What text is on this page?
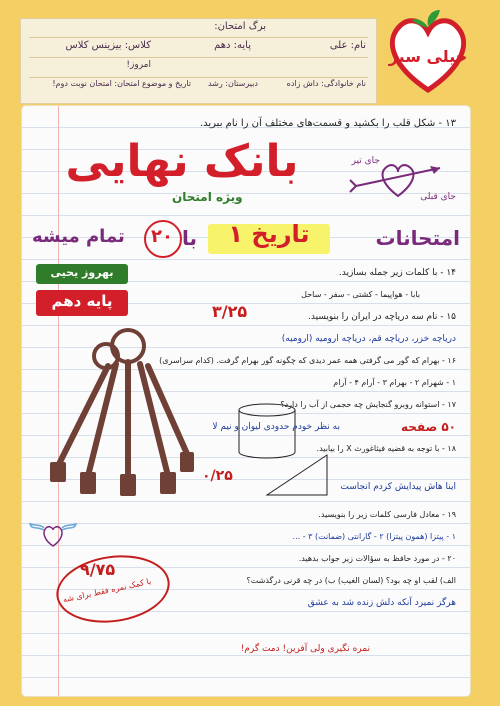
برگ امتحان:
نام: علی
پایه: دهم
کلاس: بیزینس کلاس
امروز!
نام خانوادگی: داش زاده
دبیرستان: رشد
تاریخ و موضوع امتحان: امتحان نوبت دوم!
خیلی سبز
۱۳ - شکل قلب را بکشید و قسمت‌های مختلف آن را نام ببرید.
جای تیر
جای قبلی
بانک نهایی
ویژه امتحان
امتحانات
تاریخ ۱
با
۲۰
تمام میشه
بهروز یحیی
پایه دهم
۱۴ - با کلمات زیر جمله بسازید.
بابا - هواپیما - کشتی - سفر - ساحل
۱۵ - نام سه دریاچه در ایران را بنویسید.
دریاچه خزر، دریاچه قم، دریاچه ارومیه (ارومیه)
۳/۲۵
۱۶ - بهرام که گور می گرفتی همه عمر دیدی که چگونه گور بهرام گرفت. (کدام سراسری)
۱ - شهرام ۲ - بهرام ۳ - آرام ۴ - آرام
۱۷ - استوانه روبرو گنجایش چه حجمی از آب را دارد؟
به نظر خودم حدودی لیوان و نیم لا	۵۰ صفحه
۱۸ - با توجه به قضیه فیثاغورث X را بیابید.
اینا هاش پیدایش کردم انجاست
۰/۲۵
۱۹ - معادل فارسی کلمات زیر را بنویسید.
۱ - پیتزا (همون پیتزا) ۲ - گارانتی (ضمانت) ۳ - ...
۲۰ - در مورد حافظ به سؤالات زیر جواب بدهید.
الف) لقب او چه بود؟ (لسان الغیب) ب) در چه قرنی درگذشت؟
هرگز نمیرد آنکه دلش زنده شد به عشق
۹/۷۵
با کمک نمره فقط برای شه
نمره نگیری ولی آفرین! دمت گرم!
